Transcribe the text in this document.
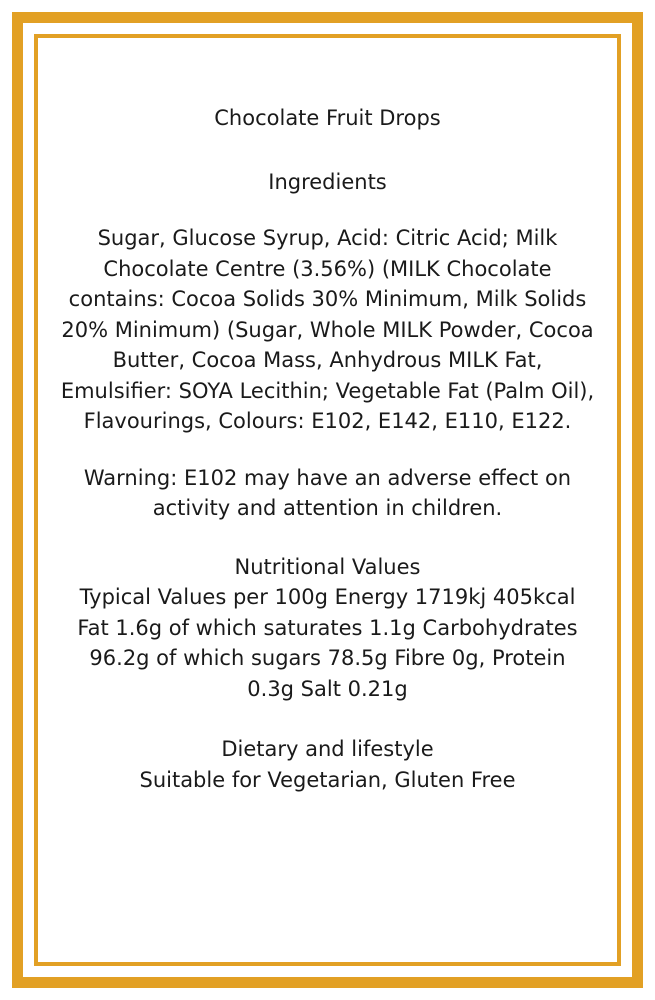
Chocolate Fruit Drops

Ingredients

Sugar, Glucose Syrup, Acid: Citric Acid; Milk Chocolate Centre (3.56%) (MILK Chocolate contains: Cocoa Solids 30% Minimum, Milk Solids 20% Minimum) (Sugar, Whole MILK Powder, Cocoa Butter, Cocoa Mass, Anhydrous MILK Fat, Emulsifier: SOYA Lecithin; Vegetable Fat (Palm Oil), Flavourings, Colours: E102, E142, E110, E122.

Warning: E102 may have an adverse effect on activity and attention in children.

Nutritional Values

Typical Values per 100g Energy 1719kj 405kcal Fat 1.6g of which saturates 1.1g Carbohydrates 96.2g of which sugars 78.5g Fibre 0g, Protein 0.3g Salt 0.21g

Dietary and lifestyle

Suitable for Vegetarian, Gluten Free
